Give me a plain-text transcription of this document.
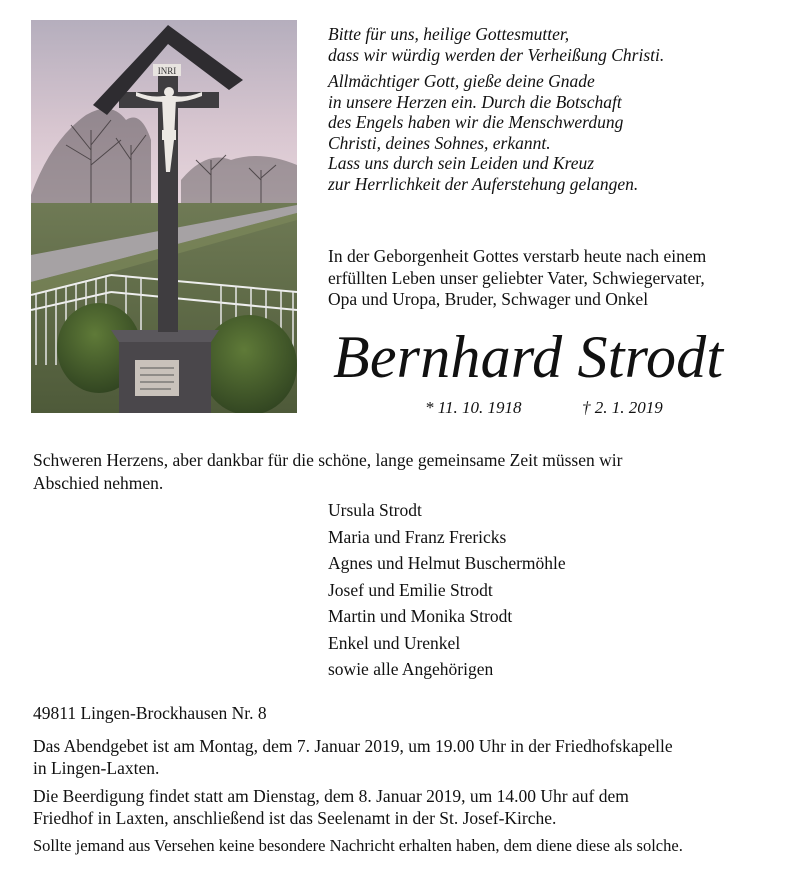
INRI

Bitte für uns, heilige Gottesmutter,
dass wir würdig werden der Verheißung Christi.

Allmächtiger Gott, gieße deine Gnade
in unsere Herzen ein. Durch die Botschaft
des Engels haben wir die Menschwerdung
Christi, deines Sohnes, erkannt.
Lass uns durch sein Leiden und Kreuz
zur Herrlichkeit der Auferstehung gelangen.

In der Geborgenheit Gottes verstarb heute nach einem
erfüllten Leben unser geliebter Vater, Schwiegervater,
Opa und Uropa, Bruder, Schwager und Onkel
Bernhard Strodt
* 11. 10. 1918	† 2. 1. 2019
Schweren Herzens, aber dankbar für die schöne, lange gemeinsame Zeit müssen wir
Abschied nehmen.
Ursula Strodt
Maria und Franz Frericks
Agnes und Helmut Buschermöhle
Josef und Emilie Strodt
Martin und Monika Strodt
Enkel und Urenkel
sowie alle Angehörigen
49811 Lingen-Brockhausen Nr. 8
Das Abendgebet ist am Montag, dem 7. Januar 2019, um 19.00 Uhr in der Friedhofskapelle
in Lingen-Laxten.
Die Beerdigung findet statt am Dienstag, dem 8. Januar 2019, um 14.00 Uhr auf dem
Friedhof in Laxten, anschließend ist das Seelenamt in der St. Josef-Kirche.
Sollte jemand aus Versehen keine besondere Nachricht erhalten haben, dem diene diese als solche.
